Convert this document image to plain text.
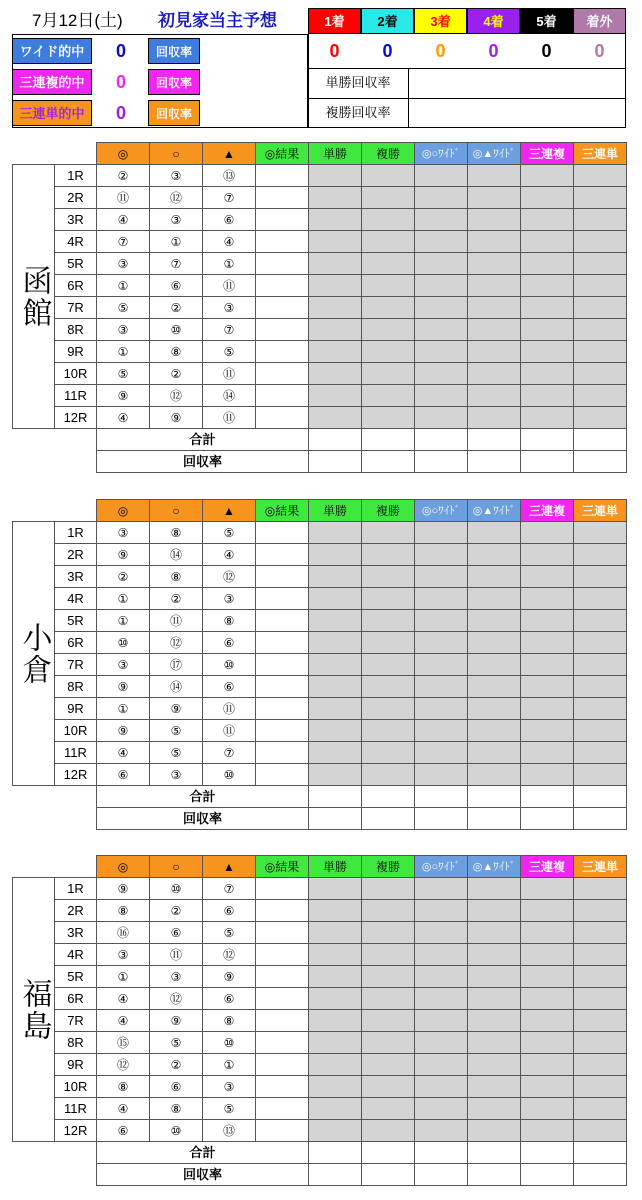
7月12日(土)	初見家当主予想	1着
0
2着
0
3着
0
4着
0
5着
0
着外
0
ワイド的中	0	回収率
三連複的中	0	回収率
三連単的中	0	回収率
単勝回収率
複勝回収率
		◎	○	▲	◎結果	単勝	複勝	◎○ﾜｲﾄﾞ	◎▲ﾜｲﾄﾞ	三連複	三連単
函館	1R	②	③	⑬							
	2R	⑪	⑫	⑦							
	3R	④	③	⑥							
	4R	⑦	①	④							
	5R	③	⑦	①							
	6R	①	⑥	⑪							
	7R	⑤	②	③							
	8R	③	⑩	⑦							
	9R	①	⑧	⑤							
	10R	⑤	②	⑪							
	11R	⑨	⑫	⑭							
	12R	④	⑨	⑪							
		合計									
		回収率									
		◎	○	▲	◎結果	単勝	複勝	◎○ﾜｲﾄﾞ	◎▲ﾜｲﾄﾞ	三連複	三連単
小倉	1R	③	⑧	⑤							
	2R	⑨	⑭	④							
	3R	②	⑧	⑫							
	4R	①	②	③							
	5R	①	⑪	⑧							
	6R	⑩	⑫	⑥							
	7R	③	⑰	⑩							
	8R	⑨	⑭	⑥							
	9R	①	⑨	⑪							
	10R	⑨	⑤	⑪							
	11R	④	⑤	⑦							
	12R	⑥	③	⑩							
		合計									
		回収率									
		◎	○	▲	◎結果	単勝	複勝	◎○ﾜｲﾄﾞ	◎▲ﾜｲﾄﾞ	三連複	三連単
福島	1R	⑨	⑩	⑦							
	2R	⑧	②	⑥							
	3R	⑯	⑥	⑤							
	4R	③	⑪	⑫							
	5R	①	③	⑨							
	6R	④	⑫	⑥							
	7R	④	⑨	⑧							
	8R	⑮	⑤	⑩							
	9R	⑫	②	①							
	10R	⑧	⑥	③							
	11R	④	⑧	⑤							
	12R	⑥	⑩	⑬							
		合計									
		回収率									
